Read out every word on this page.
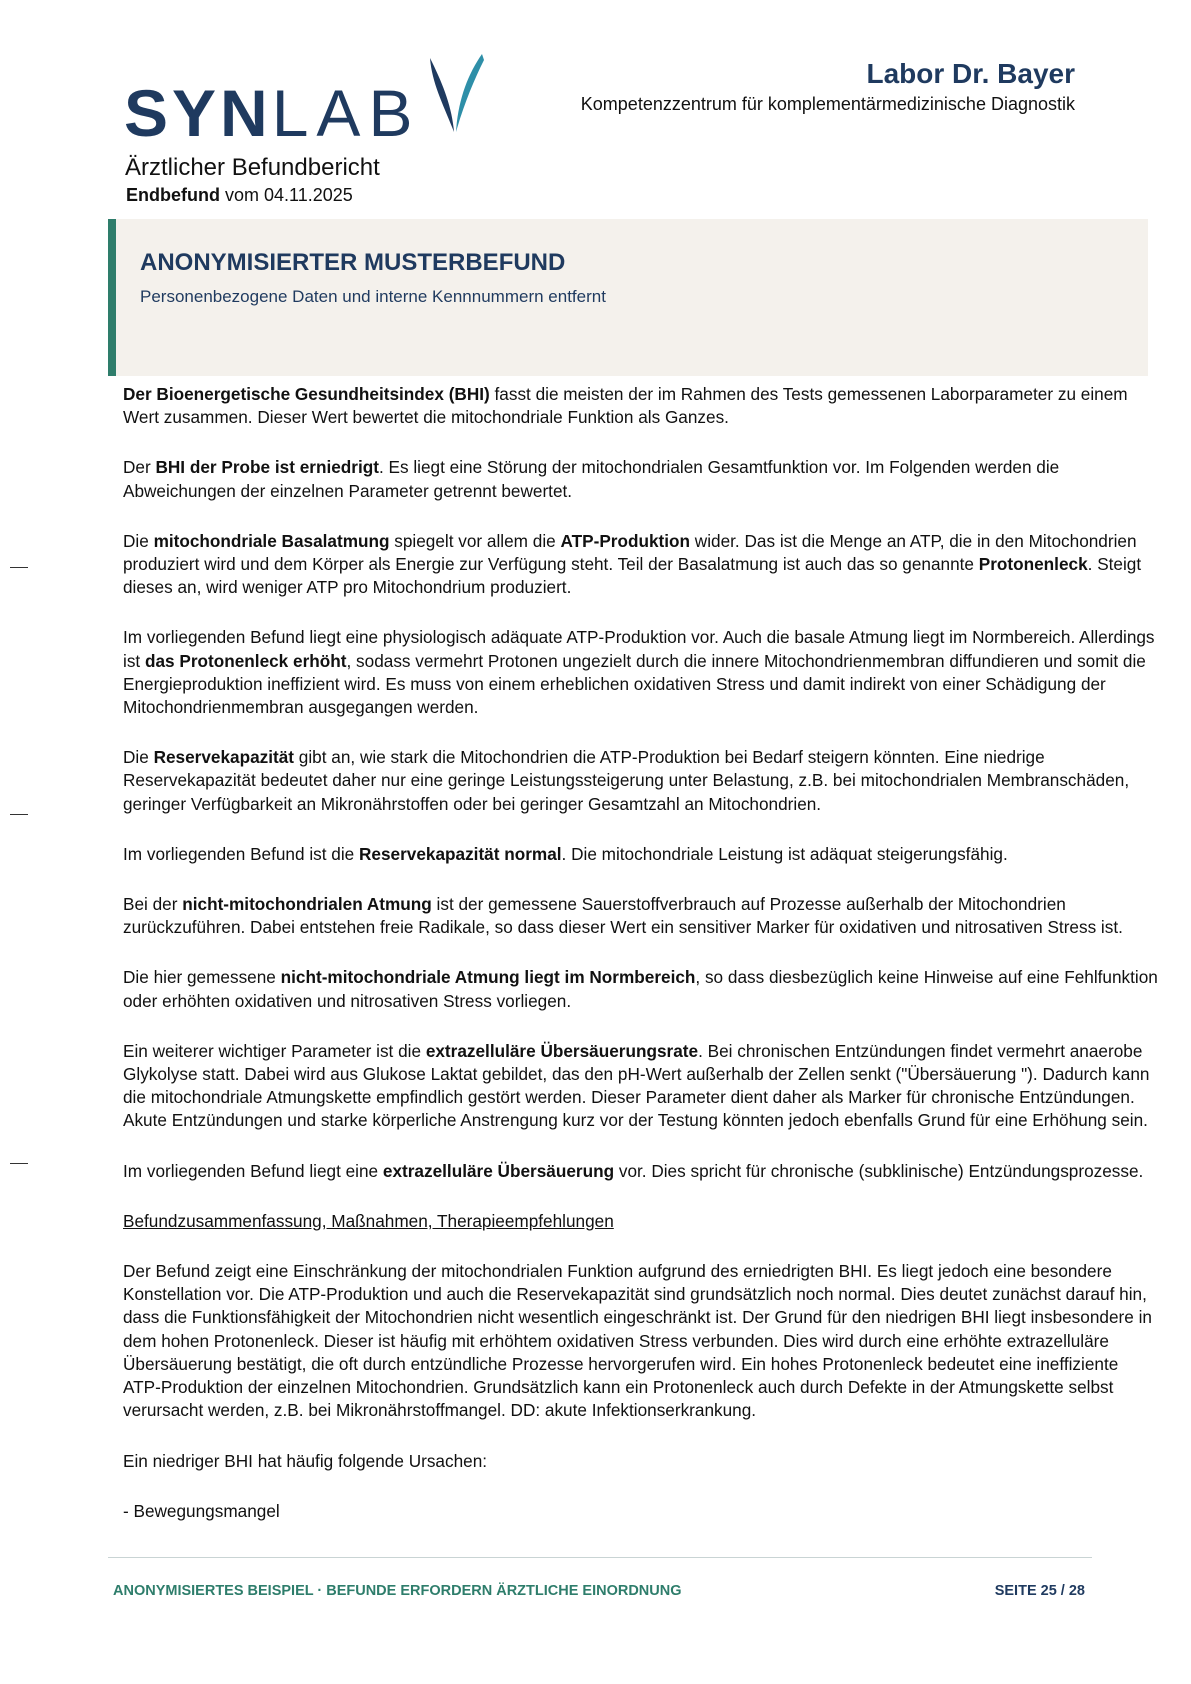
SYNLAB
Labor Dr. Bayer
Kompetenzzentrum für komplementärmedizinische Diagnostik
Ärztlicher Befundbericht
Endbefund vom 04.11.2025
ANONYMISIERTER MUSTERBEFUND
Personenbezogene Daten und interne Kennnummern entfernt

Der Bioenergetische Gesundheitsindex (BHI) fasst die meisten der im Rahmen des Tests gemessenen Laborparameter zu einem Wert zusammen. Dieser Wert bewertet die mitochondriale Funktion als Ganzes.

Der BHI der Probe ist erniedrigt. Es liegt eine Störung der mitochondrialen Gesamtfunktion vor. Im Folgenden werden die Abweichungen der einzelnen Parameter getrennt bewertet.

Die mitochondriale Basalatmung spiegelt vor allem die ATP-Produktion wider. Das ist die Menge an ATP, die in den Mitochondrien produziert wird und dem Körper als Energie zur Verfügung steht. Teil der Basalatmung ist auch das so genannte Protonenleck. Steigt dieses an, wird weniger ATP pro Mitochondrium produziert.

Im vorliegenden Befund liegt eine physiologisch adäquate ATP-Produktion vor. Auch die basale Atmung liegt im Normbereich. Allerdings ist das Protonenleck erhöht, sodass vermehrt Protonen ungezielt durch die innere Mitochondrienmembran diffundieren und somit die Energieproduktion ineffizient wird. Es muss von einem erheblichen oxidativen Stress und damit indirekt von einer Schädigung der Mitochondrienmembran ausgegangen werden.

Die Reservekapazität gibt an, wie stark die Mitochondrien die ATP-Produktion bei Bedarf steigern könnten. Eine niedrige Reservekapazität bedeutet daher nur eine geringe Leistungssteigerung unter Belastung, z.B. bei mitochondrialen Membranschäden, geringer Verfügbarkeit an Mikronährstoffen oder bei geringer Gesamtzahl an Mitochondrien.

Im vorliegenden Befund ist die Reservekapazität normal. Die mitochondriale Leistung ist adäquat steigerungsfähig.

Bei der nicht-mitochondrialen Atmung ist der gemessene Sauerstoffverbrauch auf Prozesse außerhalb der Mitochondrien zurückzuführen. Dabei entstehen freie Radikale, so dass dieser Wert ein sensitiver Marker für oxidativen und nitrosativen Stress ist.

Die hier gemessene nicht-mitochondriale Atmung liegt im Normbereich, so dass diesbezüglich keine Hinweise auf eine Fehlfunktion oder erhöhten oxidativen und nitrosativen Stress vorliegen.

Ein weiterer wichtiger Parameter ist die extrazelluläre Übersäuerungsrate. Bei chronischen Entzündungen findet vermehrt anaerobe Glykolyse statt. Dabei wird aus Glukose Laktat gebildet, das den pH-Wert außerhalb der Zellen senkt ("Übersäuerung "). Dadurch kann die mitochondriale Atmungskette empfindlich gestört werden. Dieser Parameter dient daher als Marker für chronische Entzündungen. Akute Entzündungen und starke körperliche Anstrengung kurz vor der Testung könnten jedoch ebenfalls Grund für eine Erhöhung sein.

Im vorliegenden Befund liegt eine extrazelluläre Übersäuerung vor. Dies spricht für chronische (subklinische) Entzündungsprozesse.

Befundzusammenfassung, Maßnahmen, Therapieempfehlungen

Der Befund zeigt eine Einschränkung der mitochondrialen Funktion aufgrund des erniedrigten BHI. Es liegt jedoch eine besondere Konstellation vor. Die ATP-Produktion und auch die Reservekapazität sind grundsätzlich noch normal. Dies deutet zunächst darauf hin, dass die Funktionsfähigkeit der Mitochondrien nicht wesentlich eingeschränkt ist. Der Grund für den niedrigen BHI liegt insbesondere in dem hohen Protonenleck. Dieser ist häufig mit erhöhtem oxidativen Stress verbunden. Dies wird durch eine erhöhte extrazelluläre Übersäuerung bestätigt, die oft durch entzündliche Prozesse hervorgerufen wird. Ein hohes Protonenleck bedeutet eine ineffiziente ATP-Produktion der einzelnen Mitochondrien. Grundsätzlich kann ein Protonenleck auch durch Defekte in der Atmungskette selbst verursacht werden, z.B. bei Mikronährstoffmangel. DD: akute Infektionserkrankung.

Ein niedriger BHI hat häufig folgende Ursachen:

- Bewegungsmangel

ANONYMISIERTES BEISPIEL · BEFUNDE ERFORDERN ÄRZTLICHE EINORDNUNG	SEITE 25 / 28
